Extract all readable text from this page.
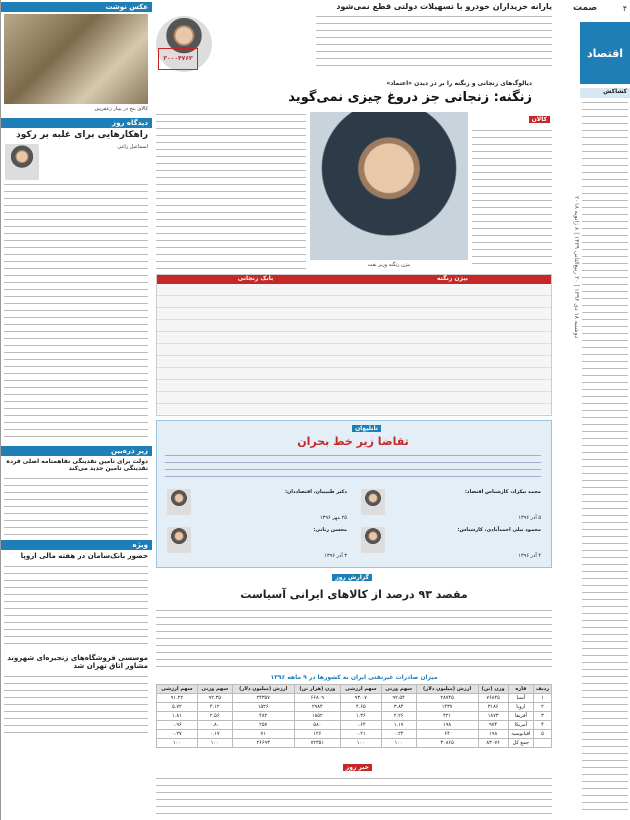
۴
صمت
دوشنبه ۱۸ دی ۱۳۹۶ | ۲۰ ربیع‌الثانی ۱۴۳۹ | ۸ ژانویه ۲۰۱۸
اقتصاد
کشاکش
یارانه خریداران خودرو با تسهیلات دولتی قطع نمی‌شود
۳۰۰۰۴۷۶۳
دیالوگ‌های زنجانی و زنگنه را بر در دیدن «اعتماد»
زنگنه: زنجانی جز دروغ چیزی نمی‌گوید
کالان
بیژن زنگنه وزیر نفت
بیژن زنگنه
بابک زنجانی
تابلیغ‌ان
تقاضا زیر خط بحران
محمد نیکزاد، کارشناس اقتصاد:
۵ آذر ۱۳۹۶
دکتر طبیبیان، اقتصاددان:
۲۵ مهر ۱۳۹۶
محمود نیلی احمدآبادی، کارشناس:
۴ آذر ۱۳۹۶
محسن رنانی:
۳ آذر ۱۳۹۶
گزارش روز
مقصد ۹۳ درصد از کالاهای ایرانی آسیاست
میزان صادرات غیرنفتی ایران به کشورها در ۹ ماهه ۱۳۹۶
ردیف	قاره	وزن (تن)	ارزش (میلیون دلار)	سهم وزنی	سهم ارزشی	وزن (هزار تن)	ارزش (میلیون دلار)	سهم وزنی	سهم ارزشی
۱	آسیا	۷۶۸۴۵	۲۸۷۴۵	۹۲.۵۴	۹۳.۰۷	۶۶۸۰۹	۲۴۳۵۷	۹۲.۳۵	۹۱.۲۲
۲	اروپا	۳۱۸۶	۱۴۳۷	۳.۸۴	۴.۶۵	۲۹۸۴	۱۵۲۶	۴.۱۲	۵.۷۲
۳	آفریقا	۱۸۷۳	۴۲۱	۲.۲۶	۱.۳۶	۱۸۵۲	۴۸۲	۲.۵۶	۱.۸۱
۴	آمریکا	۹۷۴	۱۹۸	۱.۱۷	۰.۶۴	۵۸۰	۲۵۷	۰.۸۰	۰.۹۶
۵	اقیانوسیه	۱۹۸	۶۴	۰.۲۴	۰.۲۱	۱۲۶	۷۱	۰.۱۷	۰.۲۷
	جمع کل	۸۳۰۷۶	۳۰۸۶۵	۱۰۰	۱۰۰	۷۲۳۵۱	۲۶۶۹۳	۱۰۰	۱۰۰
خبر روز
عکس نوشت
کالای بنج در بیبار زعفریین
دیدگاه روز
راهکارهایی برای غلبه بر رکود
اسماعیل زاغی
زیر ذره‌بین
دولت برای تامین نقدینگی تفاهمنامه اصلی فرده نقدینگی تامین جدید می‌کند
ویژه
حضور بانک‌سامان در هفته مالی اروپا
موسسی فروشگاه‌های زنجیره‌ای شهروند مشاور اتاق تهران شد
